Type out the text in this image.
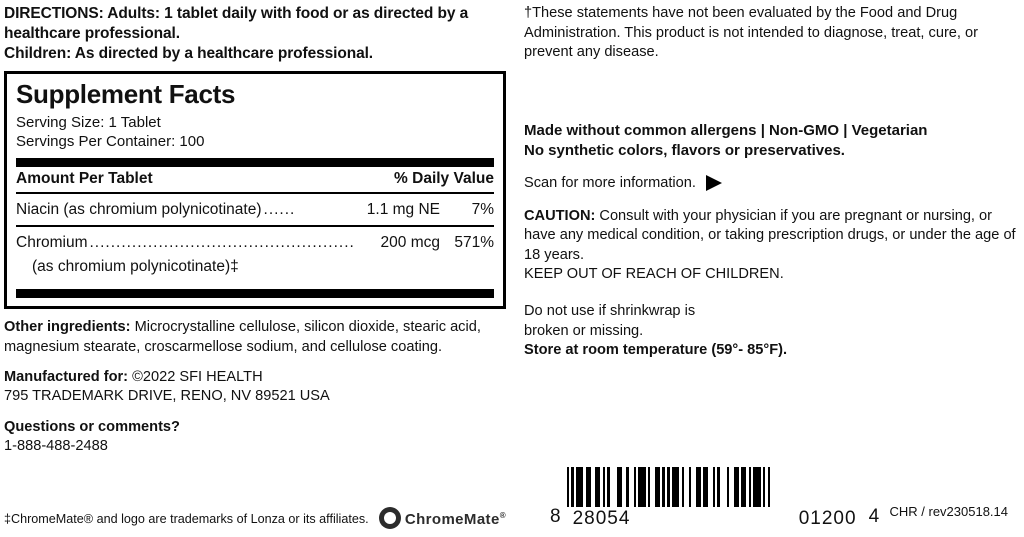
DIRECTIONS: Adults: 1 tablet daily with food or as directed by a healthcare professional.
Children: As directed by a healthcare professional.
Supplement Facts
Serving Size: 1 Tablet
Servings Per Container: 100
Amount Per Tablet	% Daily Value
Niacin (as chromium polynicotinate) ......	1.1 mg NE	7%
Chromium ..................................................	200 mcg 571%
(as chromium polynicotinate)‡
Other ingredients: Microcrystalline cellulose, silicon dioxide, stearic acid, magnesium stearate, croscarmellose sodium, and cellulose coating.
Manufactured for: ©2022 SFI HEALTH
795 TRADEMARK DRIVE, RENO, NV 89521 USA
Questions or comments?
1-888-488-2488
‡ChromeMate® and logo are trademarks of Lonza or its affiliates. ChromeMate®
†These statements have not been evaluated by the Food and Drug Administration. This product is not intended to diagnose, treat, cure, or prevent any disease.
Made without common allergens | Non-GMO | Vegetarian
No synthetic colors, flavors or preservatives.
Scan for more information.
CAUTION: Consult with your physician if you are pregnant or nursing, or have any medical condition, or taking prescription drugs, or under the age of 18 years.
KEEP OUT OF REACH OF CHILDREN.
Do not use if shrinkwrap is
broken or missing.
Store at room temperature (59°- 85°F).
8 28054	01200 4 CHR / rev230518.14
